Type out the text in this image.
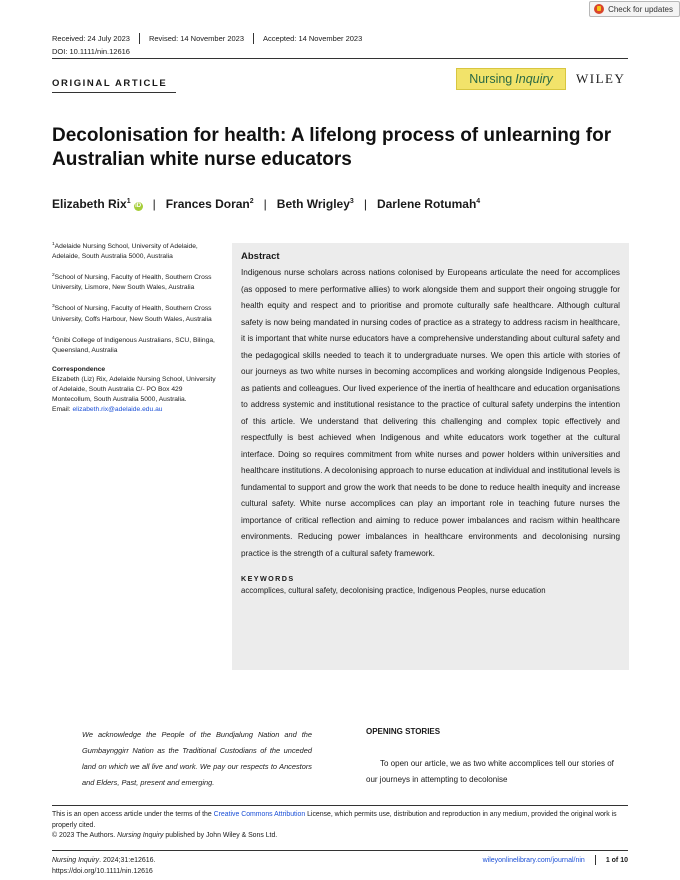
Check for updates
Received: 24 July 2023	Revised: 14 November 2023	Accepted: 14 November 2023
DOI: 10.1111/nin.12616
ORIGINAL ARTICLE	Nursing Inquiry WILEY
Decolonisation for health: A lifelong process of unlearning for Australian white nurse educators
Elizabeth Rix$^1$
iD | Frances Doran$^2$ | Beth Wrigley$^3$ | Darlene Rotumah$^4$
$^1$Adelaide Nursing School, University of Adelaide, Adelaide, South Australia 5000, Australia
$^2$School of Nursing, Faculty of Health, Southern Cross University, Lismore, New South Wales, Australia
$^3$School of Nursing, Faculty of Health, Southern Cross University, Coffs Harbour, New South Wales, Australia
$^4$Gnibi College of Indigenous Australians, SCU, Bilinga, Queensland, Australia
Correspondence
Elizabeth (Liz) Rix, Adelaide Nursing School, University of Adelaide, South Australia C/- PO Box 429 Montecollum, South Australia 5000, Australia.
Email: elizabeth.rix@adelaide.edu.au
Abstract

Indigenous nurse scholars across nations colonised by Europeans articulate the need for accomplices (as opposed to mere performative allies) to work alongside them and support their ongoing struggle for health equity and respect and to prioritise and promote culturally safe healthcare. Although cultural safety is now being mandated in nursing codes of practice as a strategy to address racism in healthcare, it is important that white nurse educators have a comprehensive understanding about cultural safety and the pedagogical skills needed to teach it to undergraduate nurses. We open this article with stories of our journeys as two white nurses in becoming accomplices and working alongside Indigenous Peoples, as patients and colleagues. Our lived experience of the inertia of healthcare and education organisations to address systemic and institutional resistance to the practice of cultural safety underpins the intention of this article. We understand that delivering this challenging and complex topic effectively and respectfully is best achieved when Indigenous and white educators work together at the cultural interface. Doing so requires commitment from white nurses and power holders within universities and healthcare institutions. A decolonising approach to nurse education at individual and institutional levels is fundamental to support and grow the work that needs to be done to reduce health inequity and increase cultural safety. White nurse accomplices can play an important role in teaching future nurses the importance of critical reflection and aiming to reduce power imbalances and racism within healthcare environments. Reducing power imbalances in healthcare environments and decolonising nursing practice is the strength of a cultural safety framework.

KEYWORDS
accomplices, cultural safety, decolonising practice, Indigenous Peoples, nurse education

We acknowledge the People of the Bundjalung Nation and the Gumbaynggirr Nation as the Traditional Custodians of the unceded land on which we all live and work. We pay our respects to Ancestors and Elders, Past, present and emerging.

OPENING STORIES

To open our article, we as two white accomplices tell our stories of our journeys in attempting to decolonise

This is an open access article under the terms of the Creative Commons Attribution License, which permits use, distribution and reproduction in any medium, provided the original work is properly cited.
© 2023 The Authors. Nursing Inquiry published by John Wiley & Sons Ltd.
Nursing Inquiry. 2024;31:e12616.
https://doi.org/10.1111/nin.12616
wileyonlinelibrary.com/journal/nin	1 of 10
